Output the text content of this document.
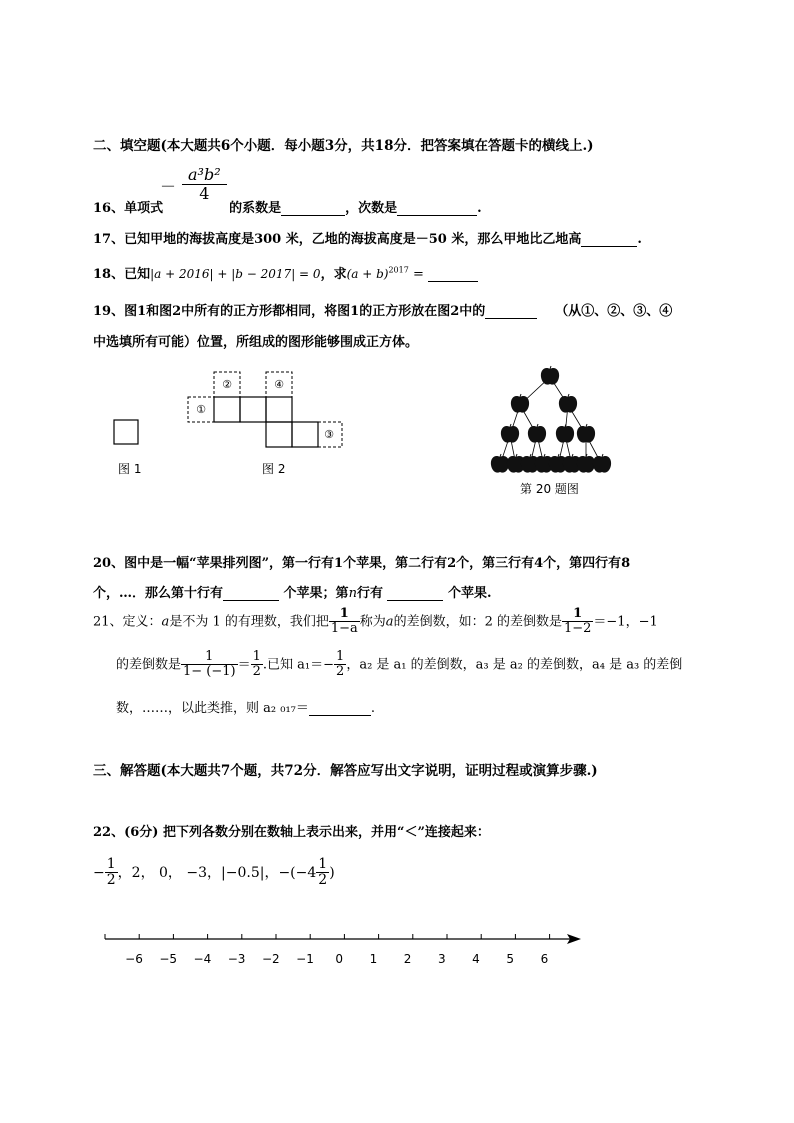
二、填空题(本大题共6个小题．每小题3分，共18分．把答案填在答题卡的横线上.)
－ $\frac{\text{a³b²}}{4}$
16、单项式	的系数是	，次数是	.
17、已知甲地的海拔高度是300 米，乙地的海拔高度是－50 米，那么甲地比乙地高	.
18、已知|a + 2016| + |b − 2017| = 0，求$(a + b)^{2017}$ =
19、图1和图2中所有的正方形都相同，将图1的正方形放在图2中的	（从①、②、③、④
中选填所有可能）位置，所组成的图形能够围成正方体。
①
②	④
③
图 1	图 2
第 20 题图
20、图中是一幅“苹果排列图”，第一行有1个苹果，第二行有2个，第三行有4个，第四行有8
个，…．那么第十行有	个苹果；第n行有	个苹果.
21、定义：a是不为 1 的有理数，我们把 $\frac{1}{1-a}$ 称为a的差倒数，如：2 的差倒数是 $\frac{1}{1-2} =-1$，−1
的差倒数是 $\frac{1}{1- (-1)} = \frac{1}{2}$ .已知 $a_1=- \frac{1}{2}$ ，a₂ 是 a₁ 的差倒数，a₃ 是 a₂ 的差倒数，a₄ 是 a₃ 的差倒
数，……，以此类推，则 a₂ ₀₁₇＝	.
三、解答题(本大题共7个题，共72分．解答应写出文字说明，证明过程或演算步骤.)
22、(6分) 把下列各数分别在数轴上表示出来，并用“＜”连接起来：
− $\frac{1}{2}$ ，2， 0， −3，|−0.5|，$-(-4 \frac{1}{2}$ )
−6 −5 −4 −3 −2 −1 0 1 2 3 4 5 6
